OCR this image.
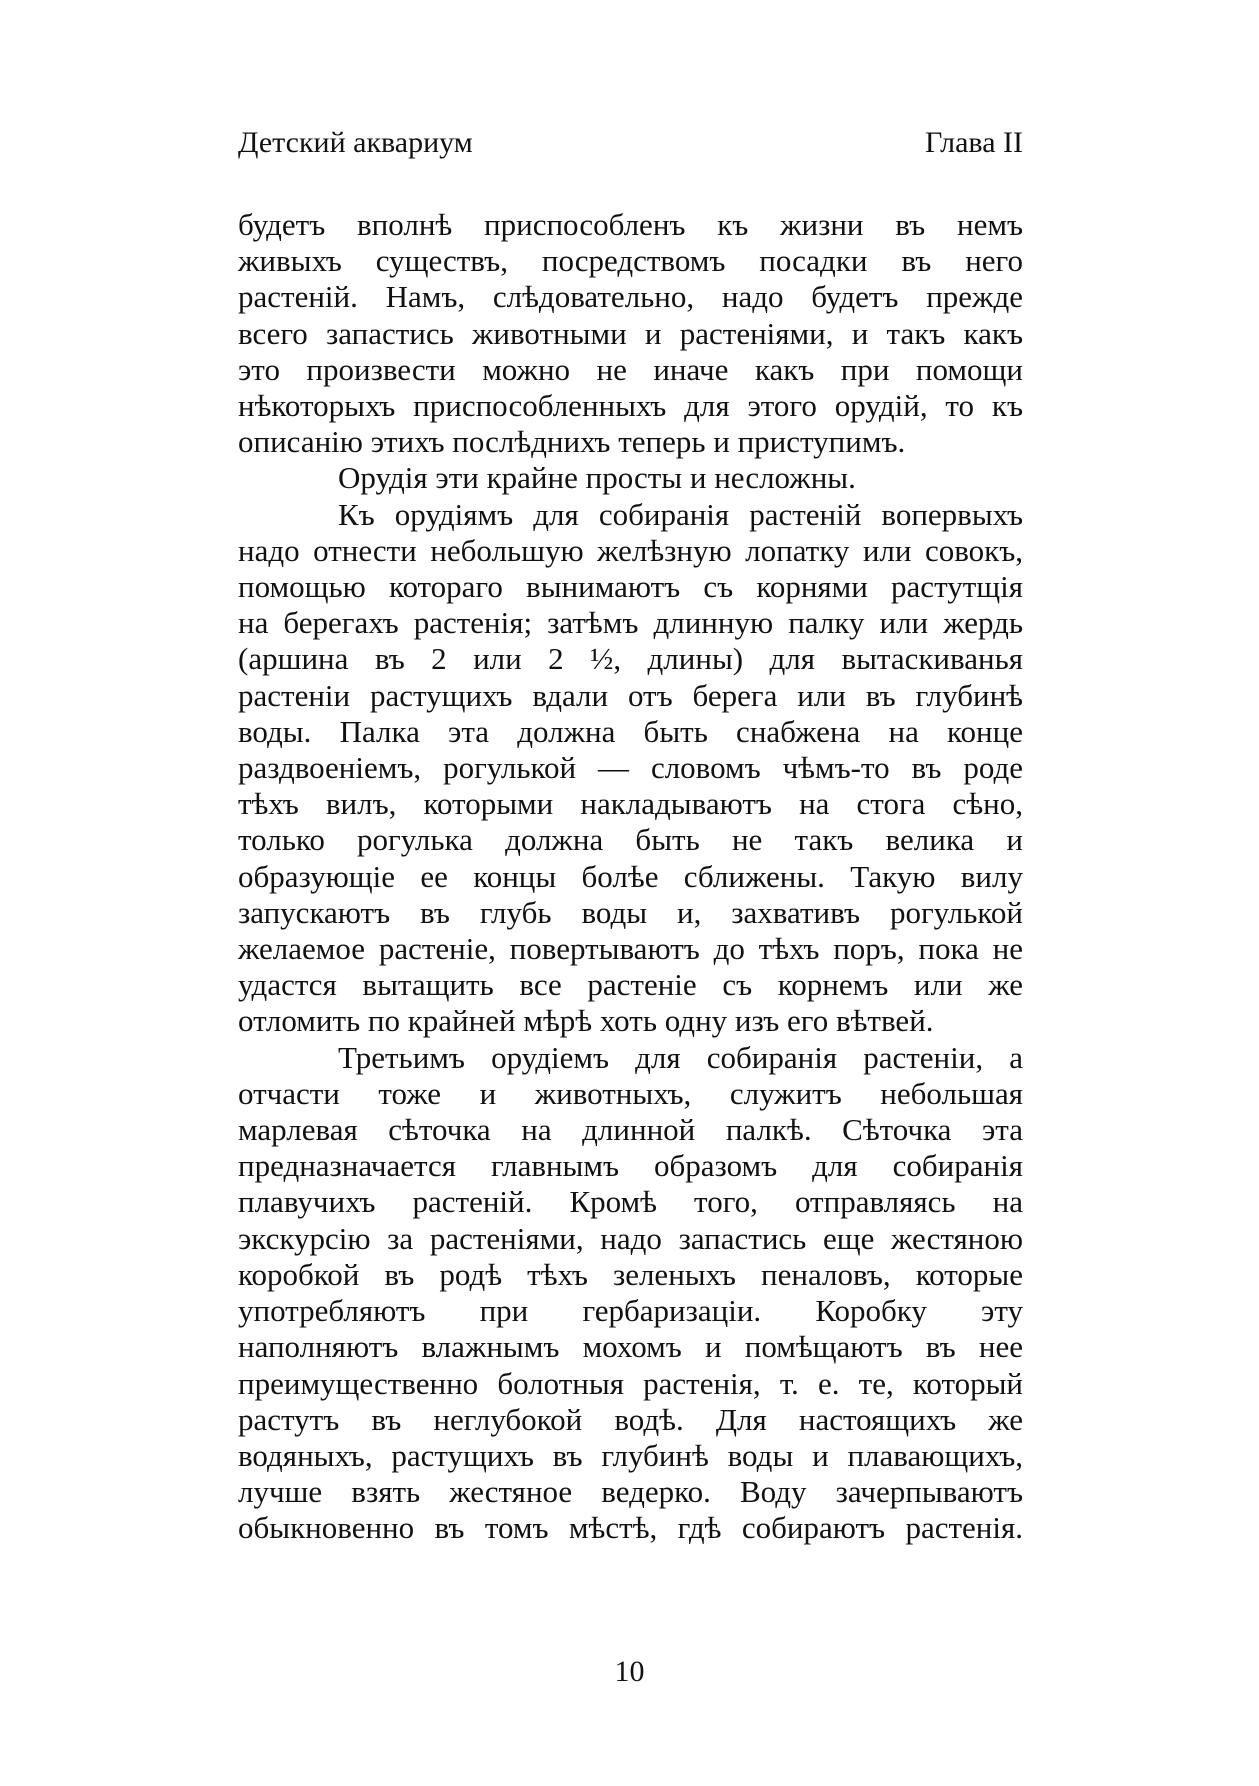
Детский аквариум	Глава II

будетъ вполнѣ приспособленъ къ жизни въ немъ

живыхъ существъ, посредствомъ посадки въ него

растеній. Намъ, слѣдовательно, надо будетъ прежде

всего запастись животными и растеніями, и такъ какъ

это произвести можно не иначе какъ при помощи

нѣкоторыхъ приспособленныхъ для этого орудій, то къ

описанію этихъ послѣднихъ теперь и приступимъ.

Орудія эти крайне просты и несложны.

Къ орудіямъ для собиранія растеній вопервыхъ

надо отнести небольшую желѣзную лопатку или совокъ,

помощью котораго вынимаютъ съ корнями растутщія

на берегахъ растенія; затѣмъ длинную палку или жердь

(аршина въ 2 или 2 ½, длины) для вытаскиванья

растеніи растущихъ вдали отъ берега или въ глубинѣ

воды. Палка эта должна быть снабжена на конце

раздвоеніемъ, рогулькой — словомъ чѣмъ-то въ роде

тѣхъ вилъ, которыми накладываютъ на стога сѣно,

только рогулька должна быть не такъ велика и

образующіе ее концы болѣе сближены. Такую вилу

запускаютъ въ глубь воды и, захвативъ рогулькой

желаемое растеніе, повертываютъ до тѣхъ поръ, пока не

удастся вытащить все растеніе съ корнемъ или же

отломить по крайней мѣрѣ хоть одну изъ его вѣтвей.

Третьимъ орудіемъ для собиранія растеніи, а

отчасти тоже и животныхъ, служитъ небольшая

марлевая сѣточка на длинной палкѣ. Сѣточка эта

предназначается главнымъ образомъ для собиранія

плавучихъ растеній. Кромѣ того, отправляясь на

экскурсію за растеніями, надо запастись еще жестяною

коробкой въ родѣ тѣхъ зеленыхъ пеналовъ, которые

употребляютъ при гербаризаціи. Коробку эту

наполняютъ влажнымъ мохомъ и помѣщаютъ въ нее

преимущественно болотныя растенія, т. е. те, который

растутъ въ неглубокой водѣ. Для настоящихъ же

водяныхъ, растущихъ въ глубинѣ воды и плавающихъ,

лучше взять жестяное ведерко. Воду зачерпываютъ

обыкновенно въ томъ мѣстѣ, гдѣ собираютъ растенія.

10
